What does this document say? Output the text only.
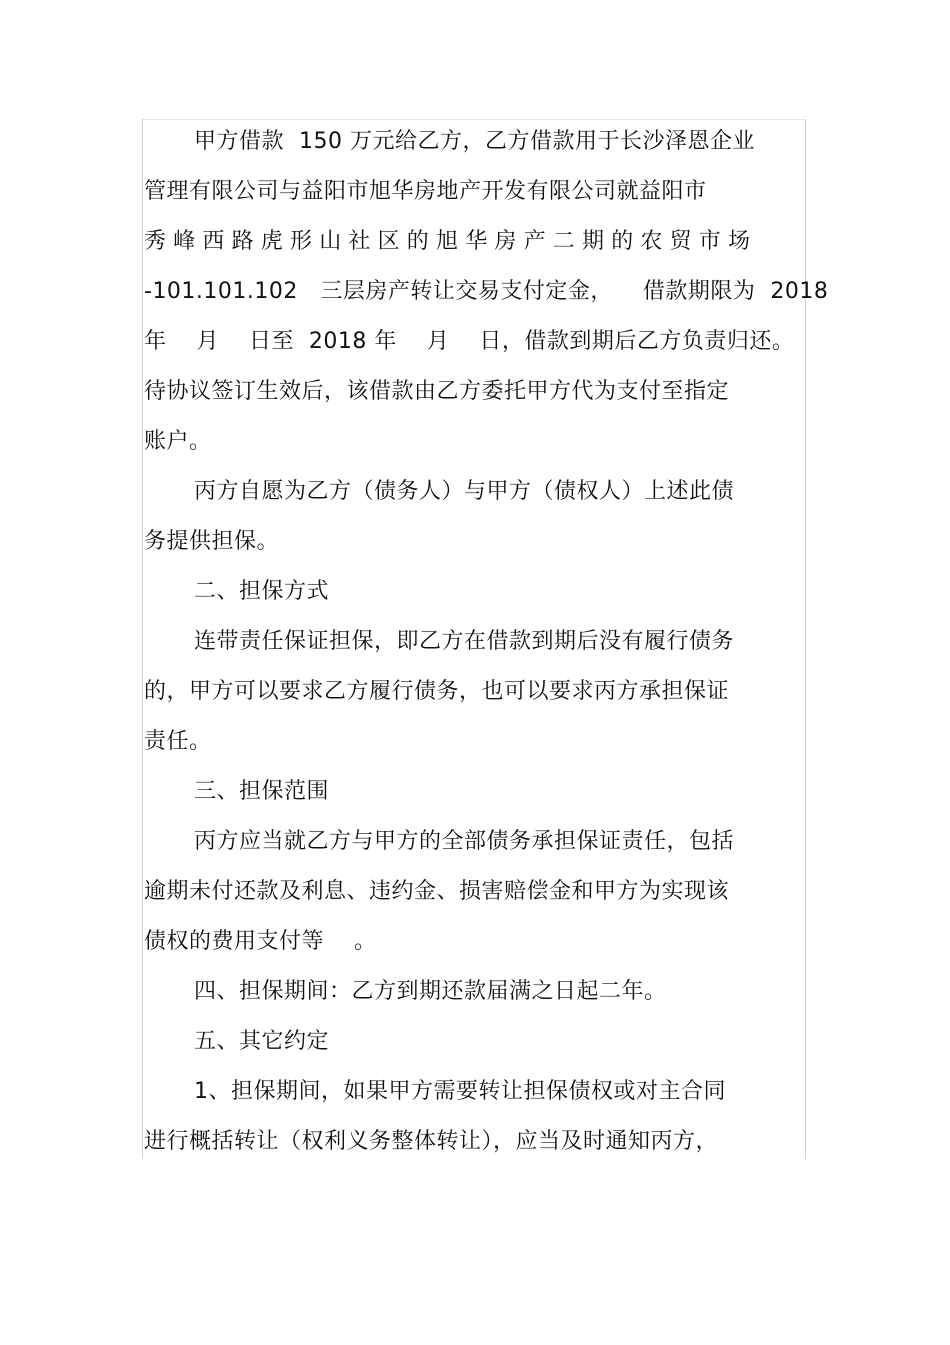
甲方借款  150 万元给乙方，乙方借款用于长沙泽恩企业
管理有限公司与益阳市旭华房地产开发有限公司就益阳市
秀峰西路虎形山社区的旭华房产二期的农贸市场
-101.101.102   三层房产转让交易支付定金，    借款期限为  2018
年    月    日至  2018 年    月    日，借款到期后乙方负责归还。
待协议签订生效后，该借款由乙方委托甲方代为支付至指定
账户。
丙方自愿为乙方（债务人）与甲方（债权人）上述此债
务提供担保。
二、担保方式
连带责任保证担保，即乙方在借款到期后没有履行债务
的，甲方可以要求乙方履行债务，也可以要求丙方承担保证
责任。
三、担保范围
丙方应当就乙方与甲方的全部债务承担保证责任，包括
逾期未付还款及利息、违约金、损害赔偿金和甲方为实现该
债权的费用支付等    。
四、担保期间：乙方到期还款届满之日起二年。
五、其它约定
1、担保期间，如果甲方需要转让担保债权或对主合同
进行概括转让（权利义务整体转让），应当及时通知丙方，
